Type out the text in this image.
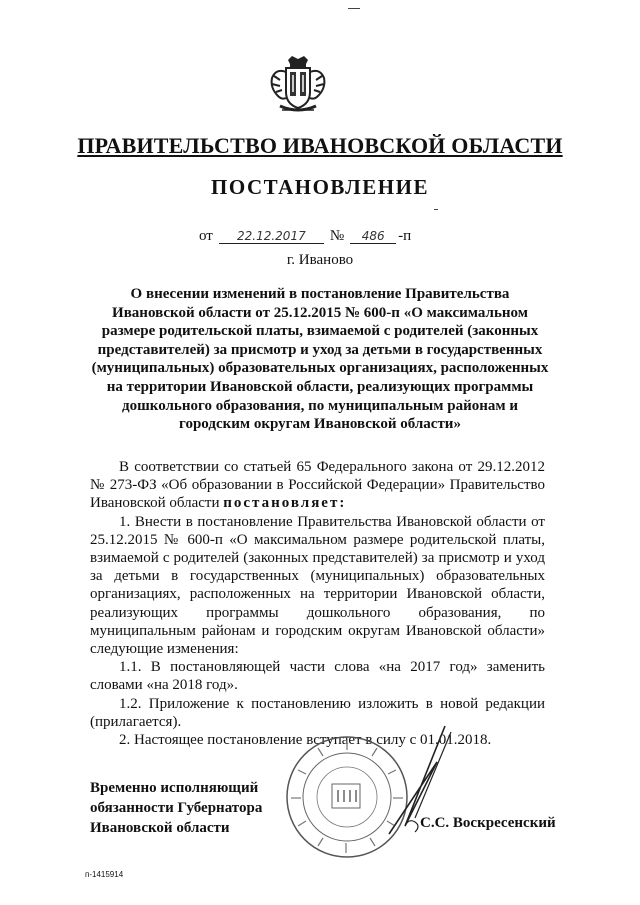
ПРАВИТЕЛЬСТВО ИВАНОВСКОЙ ОБЛАСТИ
ПОСТАНОВЛЕНИЕ
от	22.12.2017	№	486 -п
г. Иваново
О внесении изменений в постановление Правительства Ивановской области от 25.12.2015 № 600-п «О максимальном размере родительской платы, взимаемой с родителей (законных представителей) за присмотр и уход за детьми в государственных (муниципальных) образовательных организациях, расположенных на территории Ивановской области, реализующих программы дошкольного образования, по муниципальным районам и городским округам Ивановской области»

В соответствии со статьей 65 Федерального закона от 29.12.2012 № 273-ФЗ «Об образовании в Российской Федерации» Правительство Ивановской области постановляет:

1. Внести в постановление Правительства Ивановской области от 25.12.2015 № 600-п «О максимальном размере родительской платы, взимаемой с родителей (законных представителей) за присмотр и уход за детьми в государственных (муниципальных) образовательных организациях, расположенных на территории Ивановской области, реализующих программы дошкольного образования, по муниципальным районам и городским округам Ивановской области» следующие изменения:

1.1. В постановляющей части слова «на 2017 год» заменить словами «на 2018 год».

1.2. Приложение к постановлению изложить в новой редакции (прилагается).

2. Настоящее постановление вступает в силу с 01.01.2018.

Временно исполняющий
обязанности Губернатора
Ивановской области	С.С. Воскресенский
п-1415914
